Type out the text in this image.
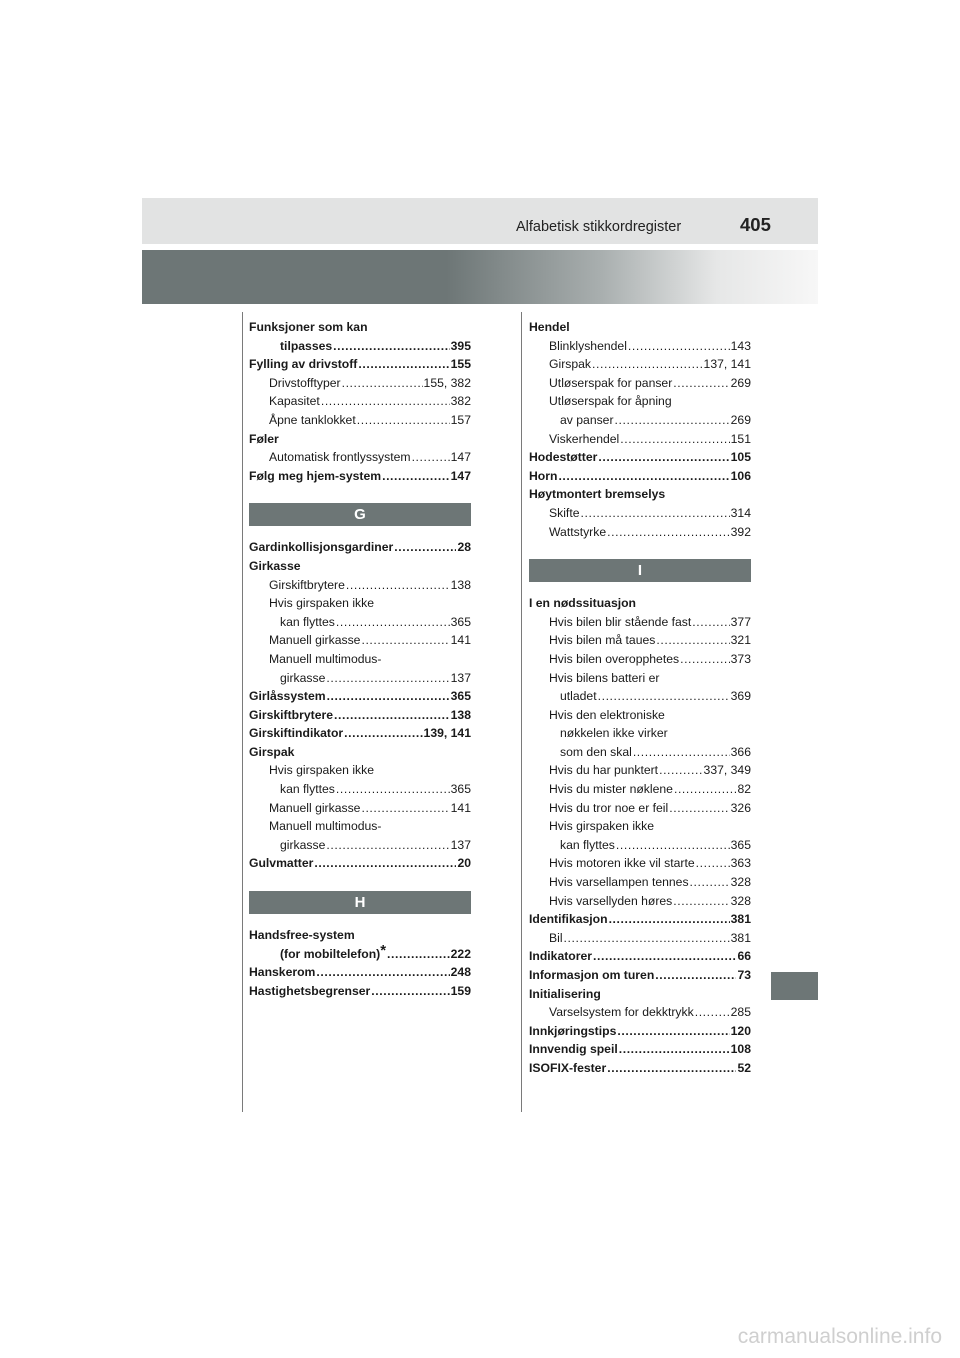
Alfabetisk stikkordregister	405
Funksjoner som kan
tilpasses .....	395
Fylling av drivstoff .....	155
Drivstofftyper .....	155, 382
Kapasitet .....	382
Åpne tanklokket .....	157
Føler
Automatisk frontlyssystem .....	147
Følg meg hjem-system .....	147
G
Gardinkollisjonsgardiner .....	28
Girkasse
Girskiftbrytere .....	138
Hvis girspaken ikke
kan flyttes .....	365
Manuell girkasse .....	141
Manuell multimodus-
girkasse .....	137
Girlåssystem .....	365
Girskiftbrytere .....	138
Girskiftindikator .....	139, 141
Girspak
Hvis girspaken ikke
kan flyttes .....	365
Manuell girkasse .....	141
Manuell multimodus-
girkasse .....	137
Gulvmatter .....	20
H
Handsfree-system
(for mobiltelefon) * .....	222
Hanskerom .....	248
Hastighetsbegrenser .....	159
Hendel
Blinklyshendel .....	143
Girspak .....	137, 141
Utløserspak for panser .....	269
Utløserspak for åpning
av panser .....	269
Viskerhendel .....	151
Hodestøtter .....	105
Horn .....	106
Høytmontert bremselys
Skifte .....	314
Wattstyrke .....	392
I
I en nødssituasjon
Hvis bilen blir stående fast .....	377
Hvis bilen må taues .....	321
Hvis bilen overopphetes .....	373
Hvis bilens batteri er
utladet .....	369
Hvis den elektroniske
nøkkelen ikke virker
som den skal .....	366
Hvis du har punktert .....	337, 349
Hvis du mister nøklene .....	82
Hvis du tror noe er feil .....	326
Hvis girspaken ikke
kan flyttes .....	365
Hvis motoren ikke vil starte .....	363
Hvis varsellampen tennes .....	328
Hvis varsellyden høres .....	328
Identifikasjon .....	381
Bil .....	381
Indikatorer .....	66
Informasjon om turen .....	73
Initialisering
Varselsystem for dekktrykk .....	285
Innkjøringstips .....	120
Innvendig speil .....	108
ISOFIX-fester .....	52
carmanualsonline.info
